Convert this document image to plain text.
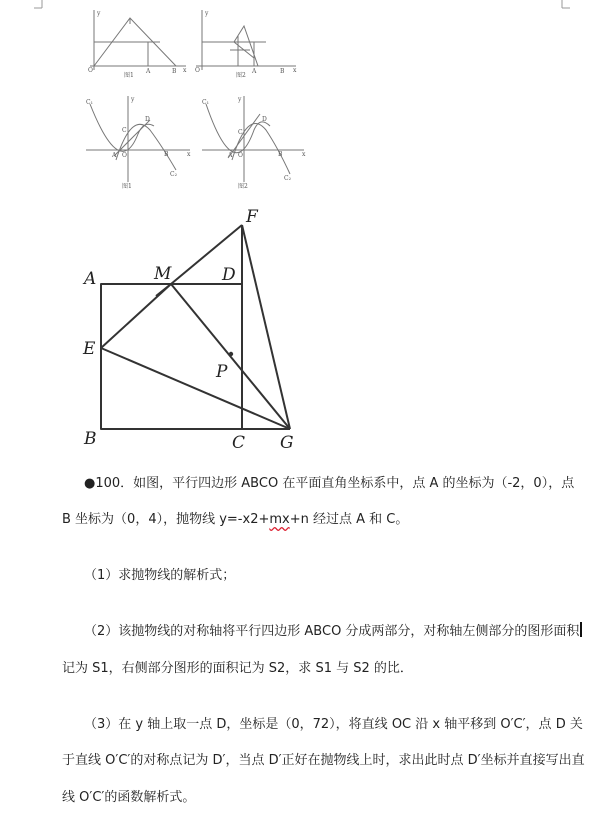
y
O	A	B x
图1
y
O	A	B x
图2
C₁	y
D
C
A O	B	x
C₂
图1
C₁	y
D
C
A O	B	x
C₂
图2
F
A	M	D
E
P
B	C G
●100．如图，平行四边形 ABCO 在平面直角坐标系中，点 A 的坐标为（-2，0），点
B 坐标为（0，4），抛物线 y=-x2+mx+n 经过点 A 和 C。
（1）求抛物线的解析式；
（2）该抛物线的对称轴将平行四边形 ABCO 分成两部分，对称轴左侧部分的图形面积
记为 S1，右侧部分图形的面积记为 S2，求 S1 与 S2 的比．
（3）在 y 轴上取一点 D，坐标是（0，72），将直线 OC 沿 x 轴平移到 O′C′，点 D 关
于直线 O′C′的对称点记为 D′，当点 D′正好在抛物线上时，求出此时点 D′坐标并直接写出直
线 O′C′的函数解析式。
